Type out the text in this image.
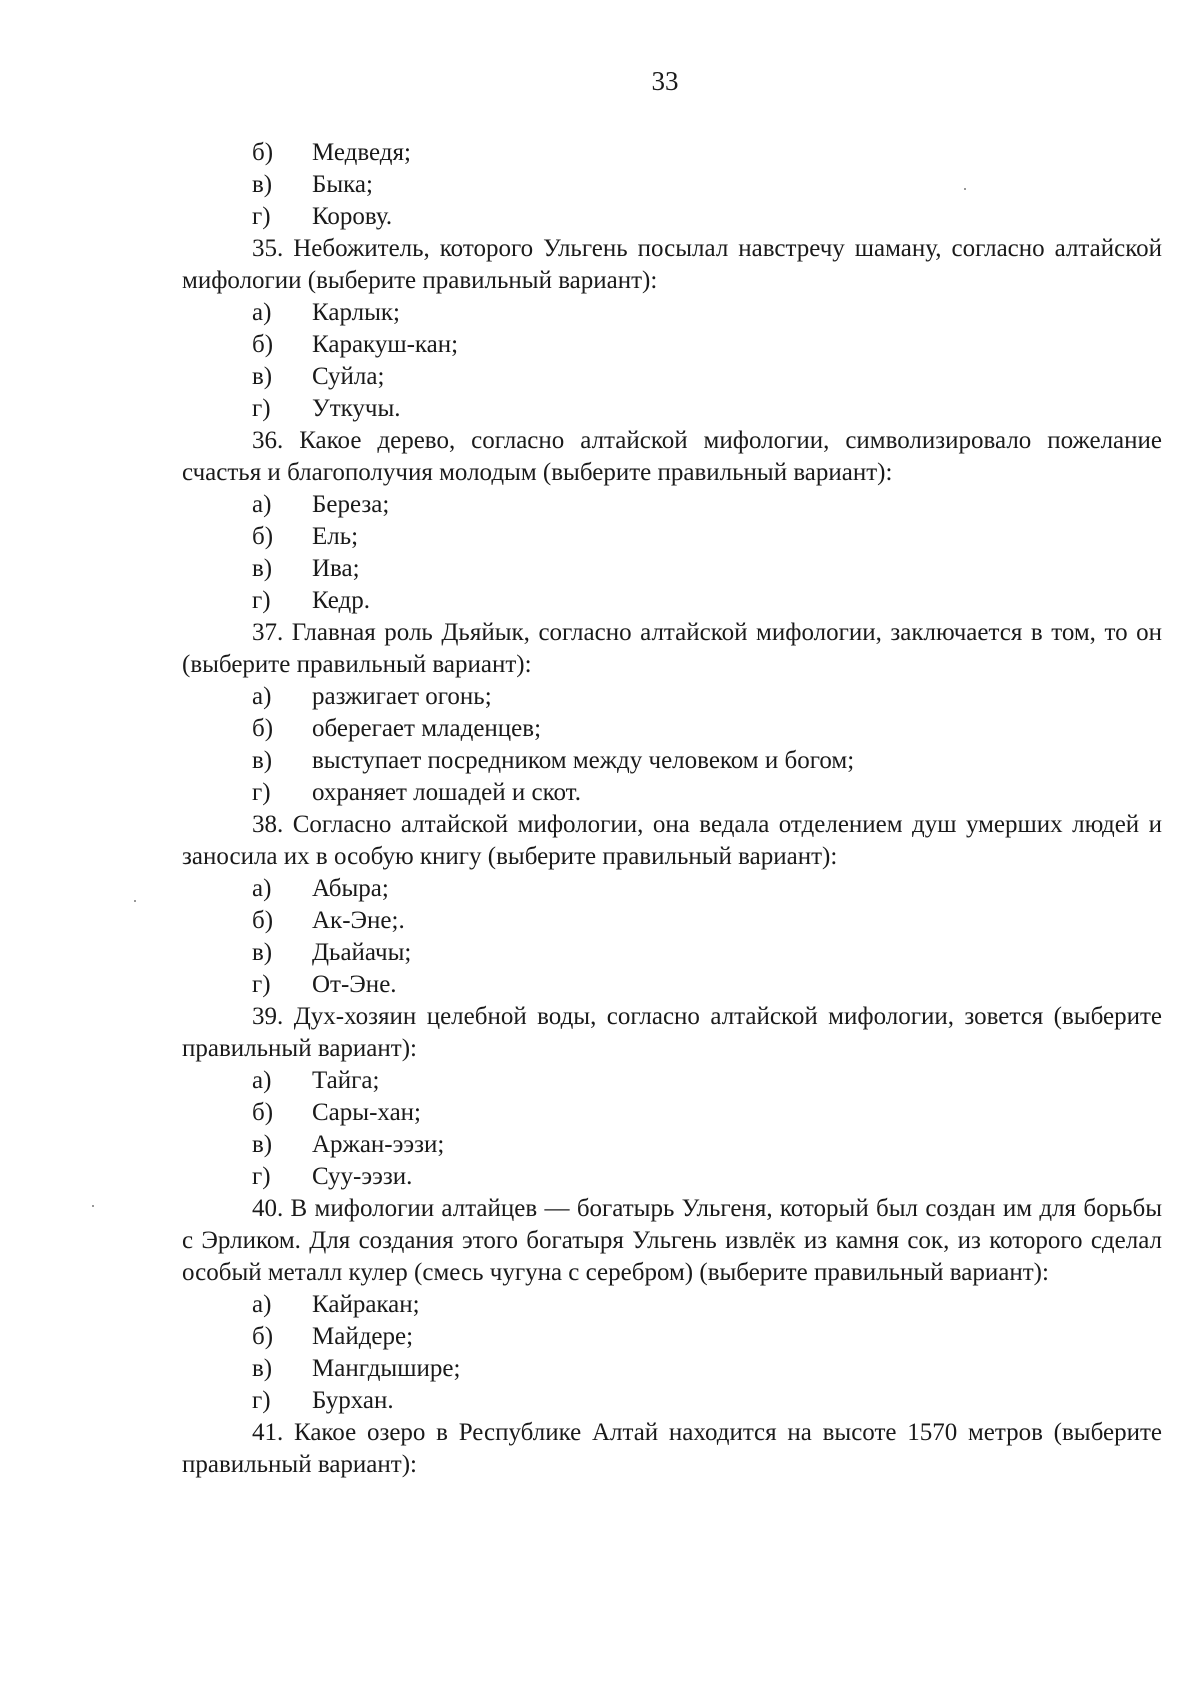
33
б)	Медведя;
в)	Быка;
г)	Корову.
35. Небожитель, которого Ульгень посылал навстречу шаману, согласно алтайской мифологии (выберите правильный вариант):
а)	Карлык;
б)	Каракуш-кан;
в)	Суйла;
г)	Уткучы.
36. Какое дерево, согласно алтайской мифологии, символизировало пожелание счастья и благополучия молодым (выберите правильный вариант):
а)	Береза;
б)	Ель;
в)	Ива;
г)	Кедр.
37. Главная роль Дьяйык, согласно алтайской мифологии, заключается в том, то он (выберите правильный вариант):
а)	разжигает огонь;
б)	оберегает младенцев;
в)	выступает посредником между человеком и богом;
г)	охраняет лошадей и скот.
38. Согласно алтайской мифологии, она ведала отделением душ умерших людей и заносила их в особую книгу (выберите правильный вариант):
а)	Абыра;
б)	Ак-Эне;.
в)	Дьайачы;
г)	От-Эне.
39. Дух-хозяин целебной воды, согласно алтайской мифологии, зовется (выберите правильный вариант):
а)	Тайга;
б)	Сары-хан;
в)	Аржан-ээзи;
г)	Суу-ээзи.
40. В мифологии алтайцев — богатырь Ульгеня, который был создан им для борьбы с Эрликом. Для создания этого богатыря Ульгень извлёк из камня сок, из которого сделал особый металл кулер (смесь чугуна с серебром) (выберите правильный вариант):
а)	Кайракан;
б)	Майдере;
в)	Мангдышире;
г)	Бурхан.
41. Какое озеро в Республике Алтай находится на высоте 1570 метров (выберите правильный вариант):
